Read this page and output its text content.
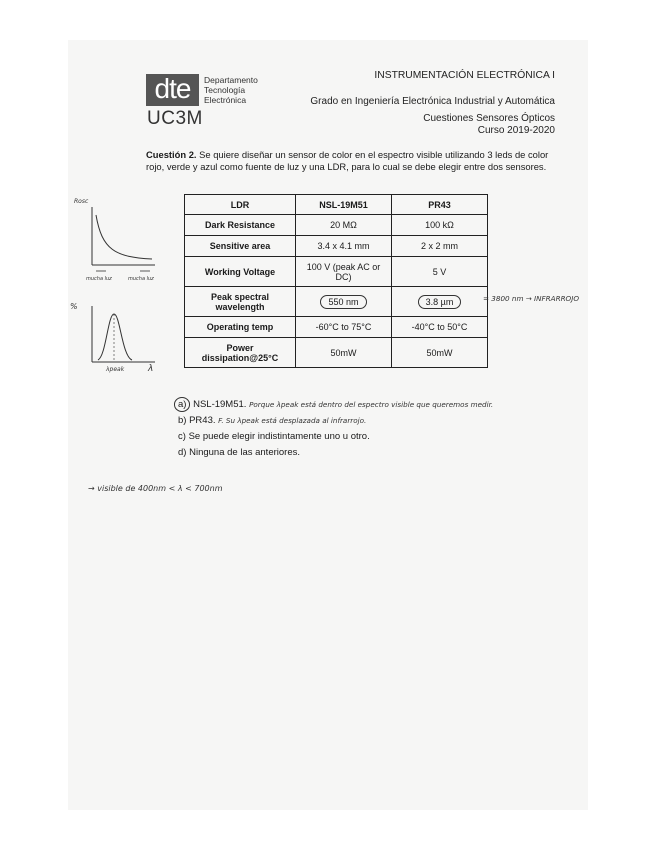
dte	Departamento
Tecnología
Electrónica
UC3M
INSTRUMENTACIÓN ELECTRÓNICA I
Grado en Ingeniería Electrónica Industrial y Automática
Cuestiones Sensores Ópticos
Curso 2019-2020
Cuestión 2. Se quiere diseñar un sensor de color en el espectro visible utilizando 3 leds de color rojo, verde y azul como fuente de luz y una LDR, para lo cual se debe elegir entre dos sensores.
LDR	NSL-19M51	PR43
Dark Resistance	20 MΩ	100 kΩ
Sensitive area	3.4 x 4.1 mm	2 x 2 mm
Working Voltage	100 V (peak AC or DC)	5 V
Peak spectral wavelength	550 nm	3.8 µm
Operating temp	-60°C to 75°C	-40°C to 50°C
Power dissipation@25°C	50mW	50mW
= 3800 nm → INFRARROJO
a) NSL-19M51. Porque λpeak está dentro del espectro visible que queremos medir.
b) PR43. F. Su λpeak está desplazada al infrarrojo.
c) Se puede elegir indistintamente uno u otro.
d) Ninguna de las anteriores.
→ visible de 400nm < λ < 700nm
Rosc
mucha luz	mucha luz
%
λpeak	λ
